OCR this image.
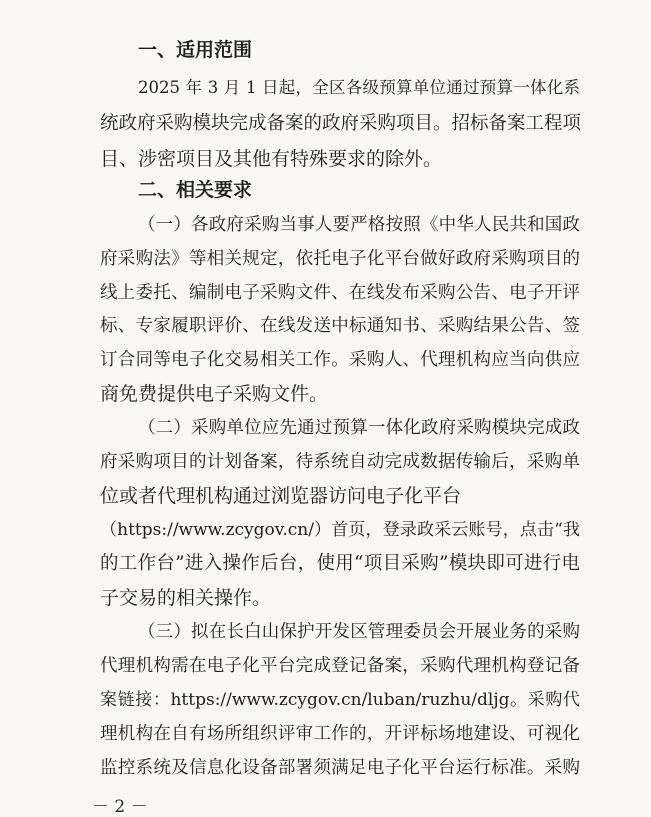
一、适用范围
2025 年 3 月 1 日起，全区各级预算单位通过预算一体化系
统政府采购模块完成备案的政府采购项目。招标备案工程项
目、涉密项目及其他有特殊要求的除外。
二、相关要求
（一）各政府采购当事人要严格按照《中华人民共和国政
府采购法》等相关规定，依托电子化平台做好政府采购项目的
线上委托、编制电子采购文件、在线发布采购公告、电子开评
标、专家履职评价、在线发送中标通知书、采购结果公告、签
订合同等电子化交易相关工作。采购人、代理机构应当向供应
商免费提供电子采购文件。
（二）采购单位应先通过预算一体化政府采购模块完成政
府采购项目的计划备案，待系统自动完成数据传输后，采购单
位或者代理机构通过浏览器访问电子化平台
（https://www.zcygov.cn/）首页，登录政采云账号，点击“我
的工作台”进入操作后台，使用“项目采购”模块即可进行电
子交易的相关操作。
（三）拟在长白山保护开发区管理委员会开展业务的采购
代理机构需在电子化平台完成登记备案，采购代理机构登记备
案链接：https://www.zcygov.cn/luban/ruzhu/dljg。采购代
理机构在自有场所组织评审工作的，开评标场地建设、可视化
监控系统及信息化设备部署须满足电子化平台运行标准。采购
－ 2 －
